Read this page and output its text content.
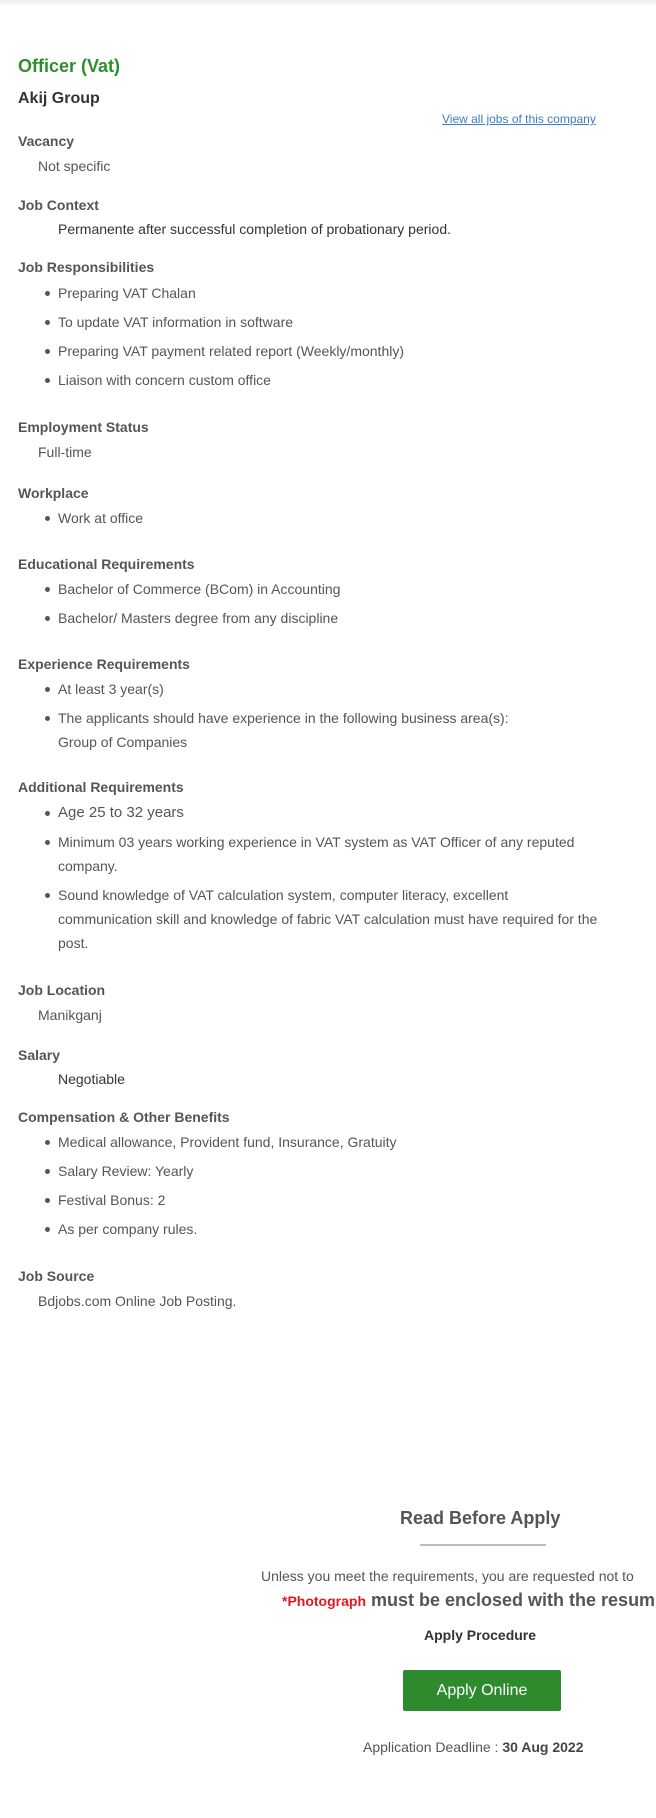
Officer (Vat)
Akij Group
View all jobs of this company
Vacancy
Not specific
Job Context
Permanente after successful completion of probationary period.
Job Responsibilities
Preparing VAT Chalan
To update VAT information in software
Preparing VAT payment related report (Weekly/monthly)
Liaison with concern custom office
Employment Status
Full-time
Workplace
Work at office
Educational Requirements
Bachelor of Commerce (BCom) in Accounting
Bachelor/ Masters degree from any discipline
Experience Requirements
At least 3 year(s)
The applicants should have experience in the following business area(s):
Group of Companies
Additional Requirements
Age 25 to 32 years
Minimum 03 years working experience in VAT system as VAT Officer of any reputed company.
Sound knowledge of VAT calculation system, computer literacy, excellent communication skill and knowledge of fabric VAT calculation must have required for the post.
Job Location
Manikganj
Salary
Negotiable
Compensation & Other Benefits
Medical allowance, Provident fund, Insurance, Gratuity
Salary Review: Yearly
Festival Bonus: 2
As per company rules.
Job Source
Bdjobs.com Online Job Posting.
Read Before Apply
Unless you meet the requirements, you are requested not to
*Photograph must be enclosed with the resum
Apply Procedure
Apply Online
Application Deadline : 30 Aug 2022
